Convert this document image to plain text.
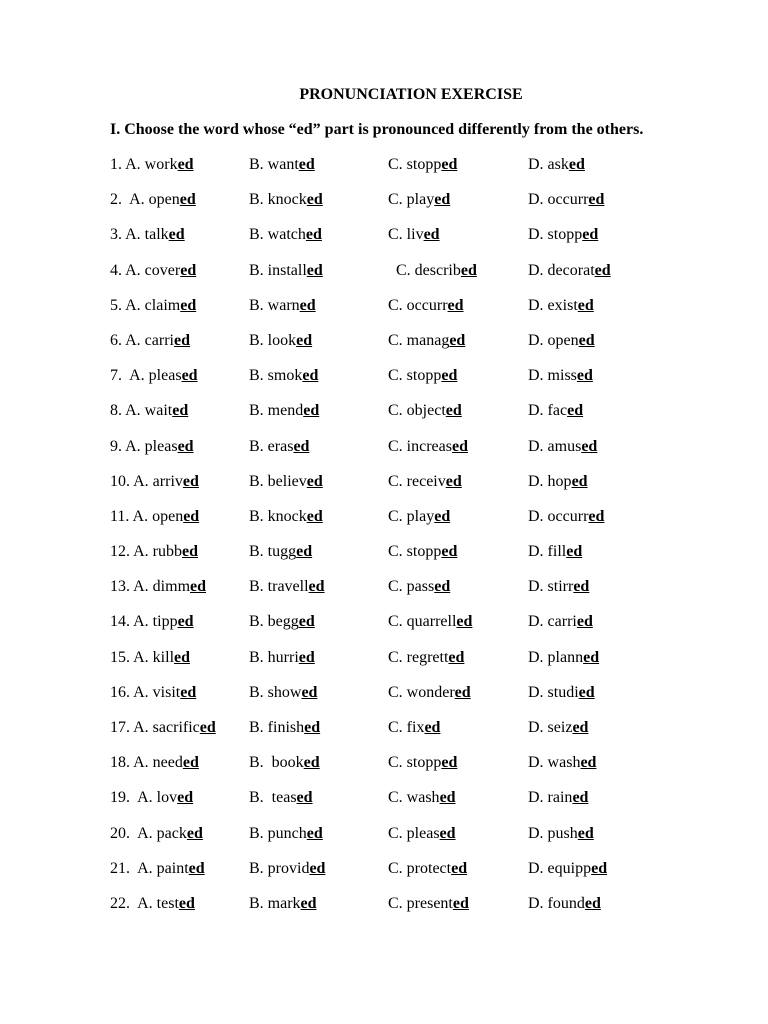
PRONUNCIATION EXERCISE

I. Choose the word whose “ed” part is pronounced differently from the others.

1. A. worked	B. wanted	C. stopped	D. asked
2.  A. opened	B. knocked	C. played	D. occurred
3. A. talked	B. watched	C. lived	D. stopped
4. A. covered	B. installed	C. described	D. decorated
5. A. claimed	B. warned	C. occurred	D. existed
6. A. carried	B. looked	C. managed	D. opened
7.  A. pleased	B. smoked	C. stopped	D. missed
8. A. waited	B. mended	C. objected	D. faced
9. A. pleased	B. erased	C. increased	D. amused
10. A. arrived	B. believed	C. received	D. hoped
11. A. opened	B. knocked	C. played	D. occurred
12. A. rubbed	B. tugged	C. stopped	D. filled
13. A. dimmed	B. travelled	C. passed	D. stirred
14. A. tipped	B. begged	C. quarrelled	D. carried
15. A. killed	B. hurried	C. regretted	D. planned
16. A. visited	B. showed	C. wondered	D. studied
17. A. sacrificed B. finished	C. fixed	D. seized
18. A. needed	B.  booked	C. stopped	D. washed
19.  A. loved	B.  teased	C. washed	D. rained
20.  A. packed	B. punched	C. pleased	D. pushed
21.  A. painted	B. provided	C. protected	D. equipped
22.  A. tested	B. marked	C. presented	D. founded
